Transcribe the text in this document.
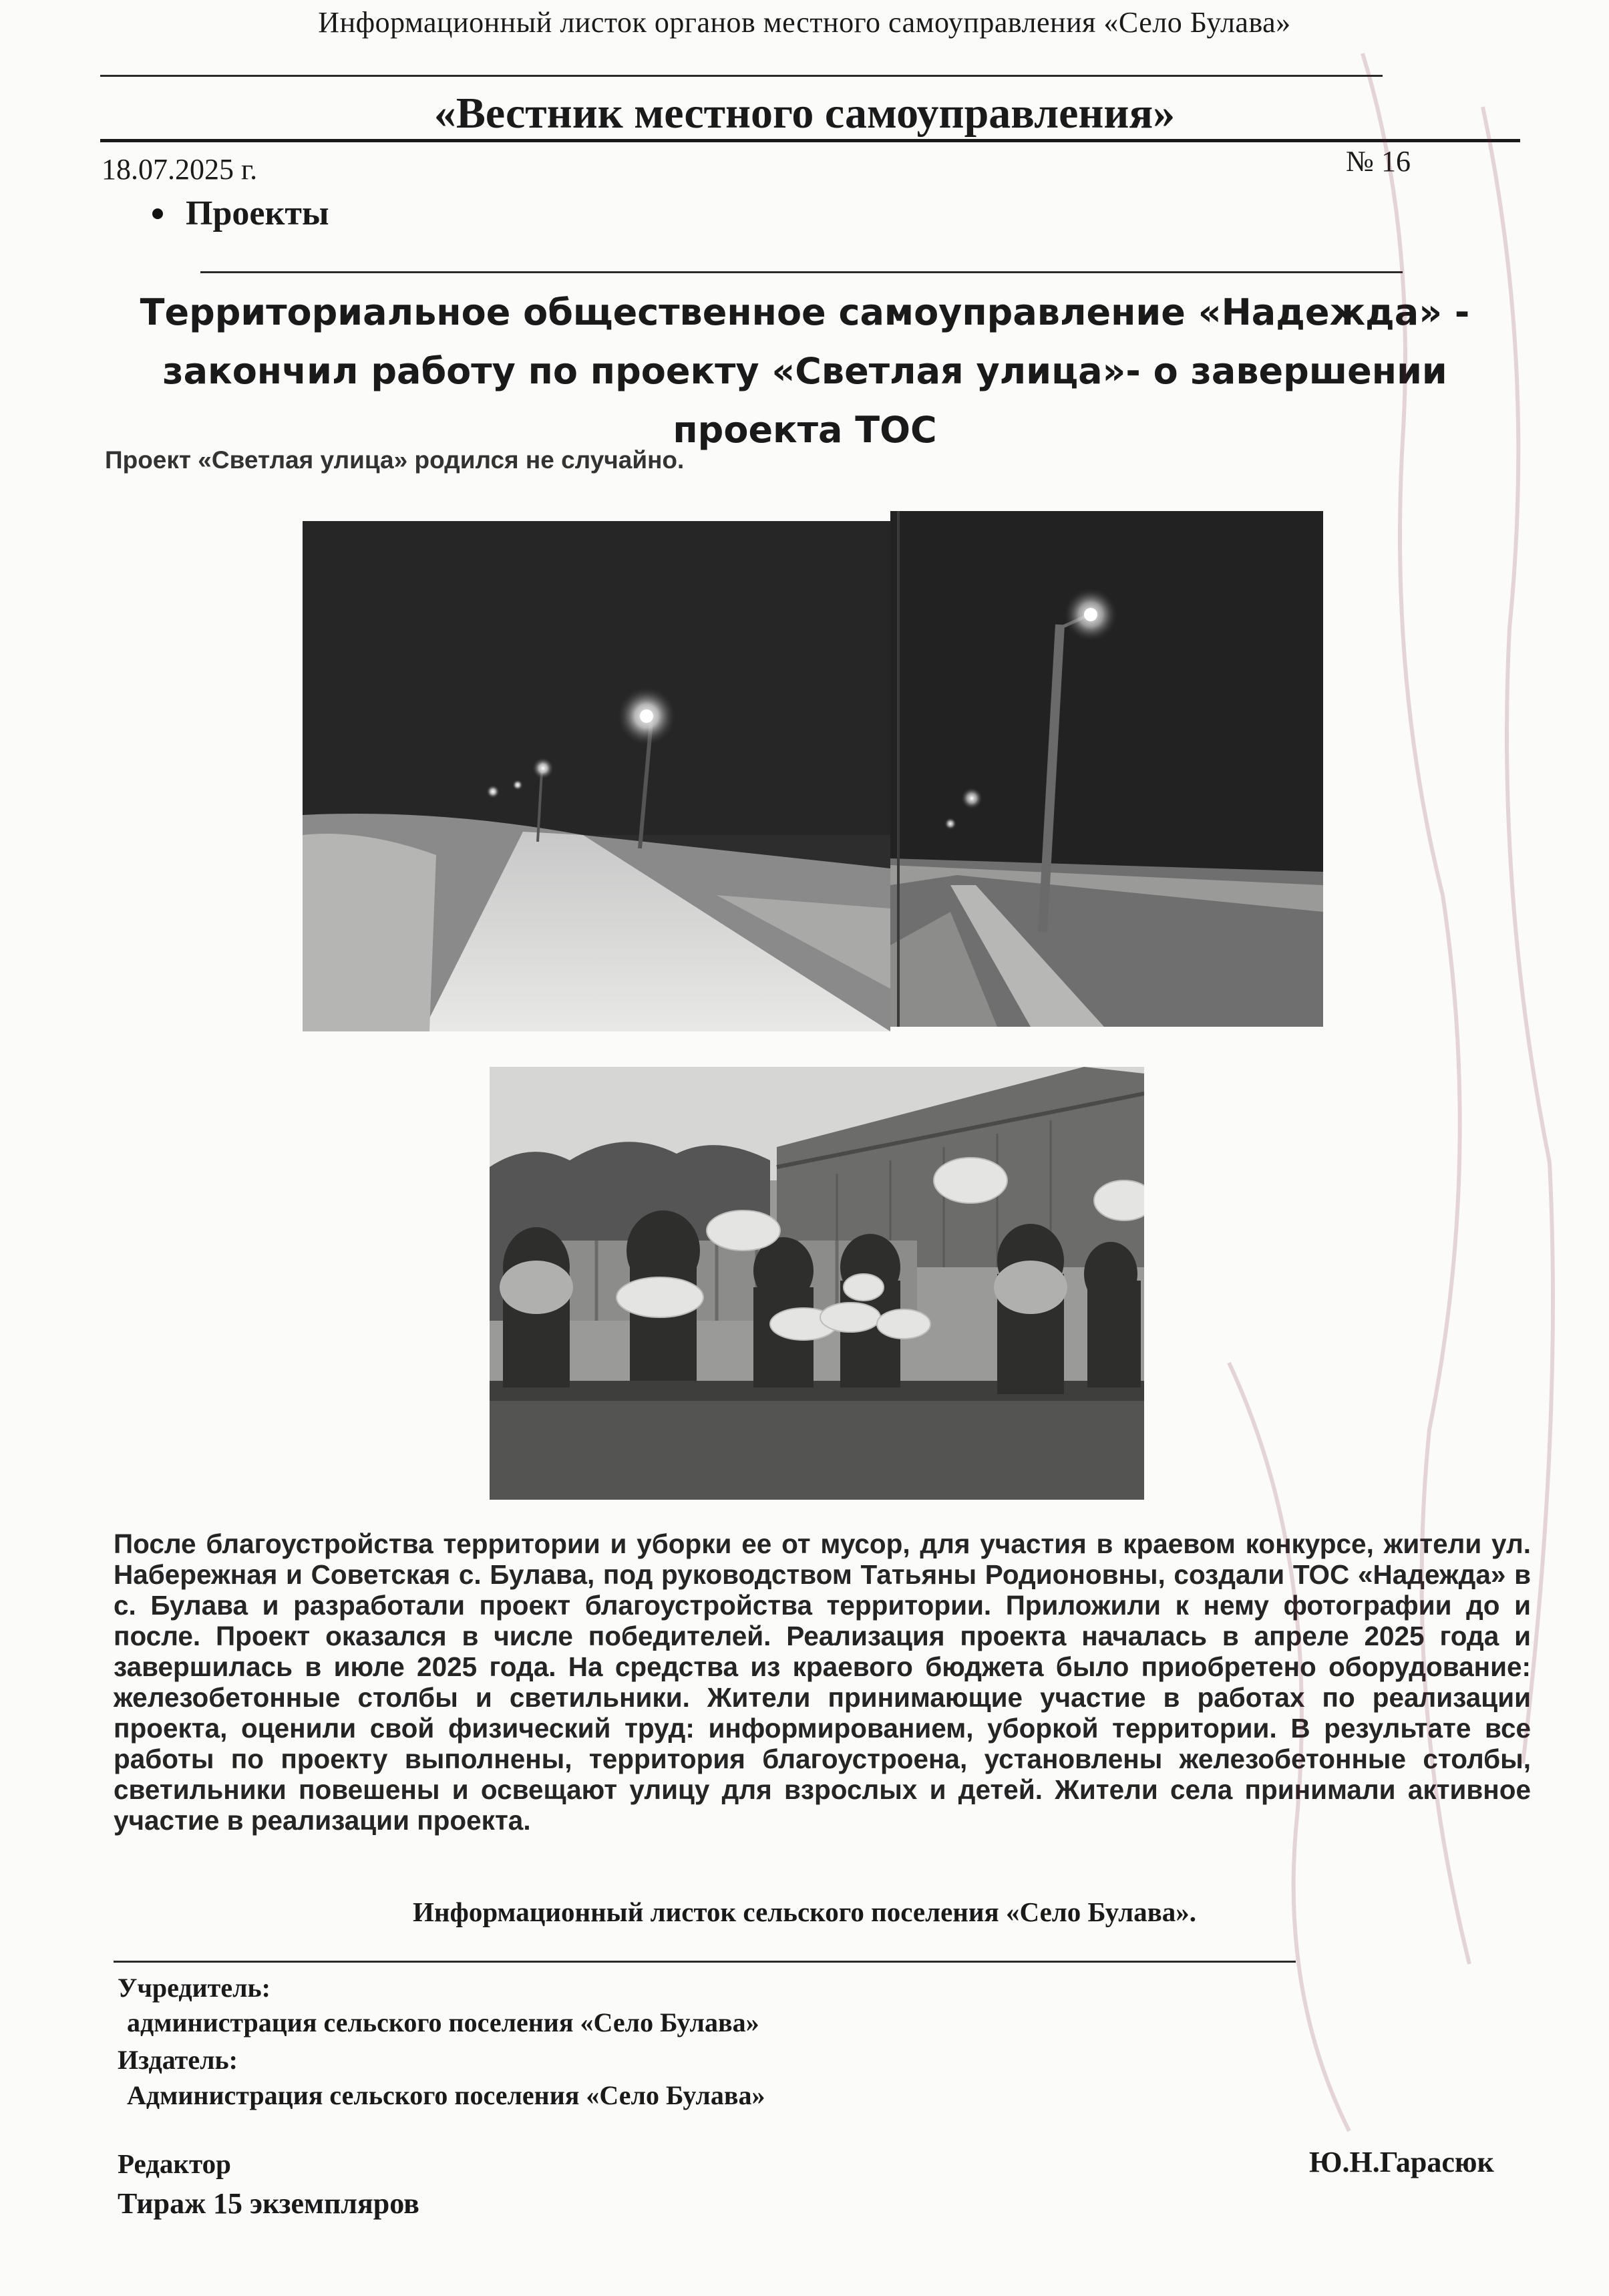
Информационный листок органов местного самоуправления «Село Булава»
«Вестник местного самоуправления»
18.07.2025 г.	№ 16
Проекты
Территориальное общественное самоуправление «Надежда» -
закончил работу по проекту «Светлая улица»- о завершении
проекта ТОС
Проект «Светлая улица» родился не случайно.
После благоустройства территории и уборки ее от мусор, для участия в краевом конкурсе, жители ул. Набережная и Советская с. Булава, под руководством Татьяны Родионовны, создали ТОС «Надежда» в с. Булава и разработали проект благоустройства территории. Приложили к нему фотографии до и после. Проект оказался в числе победителей. Реализация проекта началась в апреле 2025 года и завершилась в июле 2025 года. На средства из краевого бюджета было приобретено оборудование: железобетонные столбы и светильники. Жители принимающие участие в работах по реализации проекта, оценили свой физический труд: информированием, уборкой территории. В результате все работы по проекту выполнены, территория благоустроена, установлены железобетонные столбы, светильники повешены и освещают улицу для взрослых и детей. Жители села принимали активное участие в реализации проекта.
Информационный листок сельского поселения «Село Булава».
Учредитель:
администрация сельского поселения «Село Булава»
Издатель:
Администрация сельского поселения «Село Булава»
Редактор	Ю.Н.Гарасюк
Тираж 15 экземпляров
